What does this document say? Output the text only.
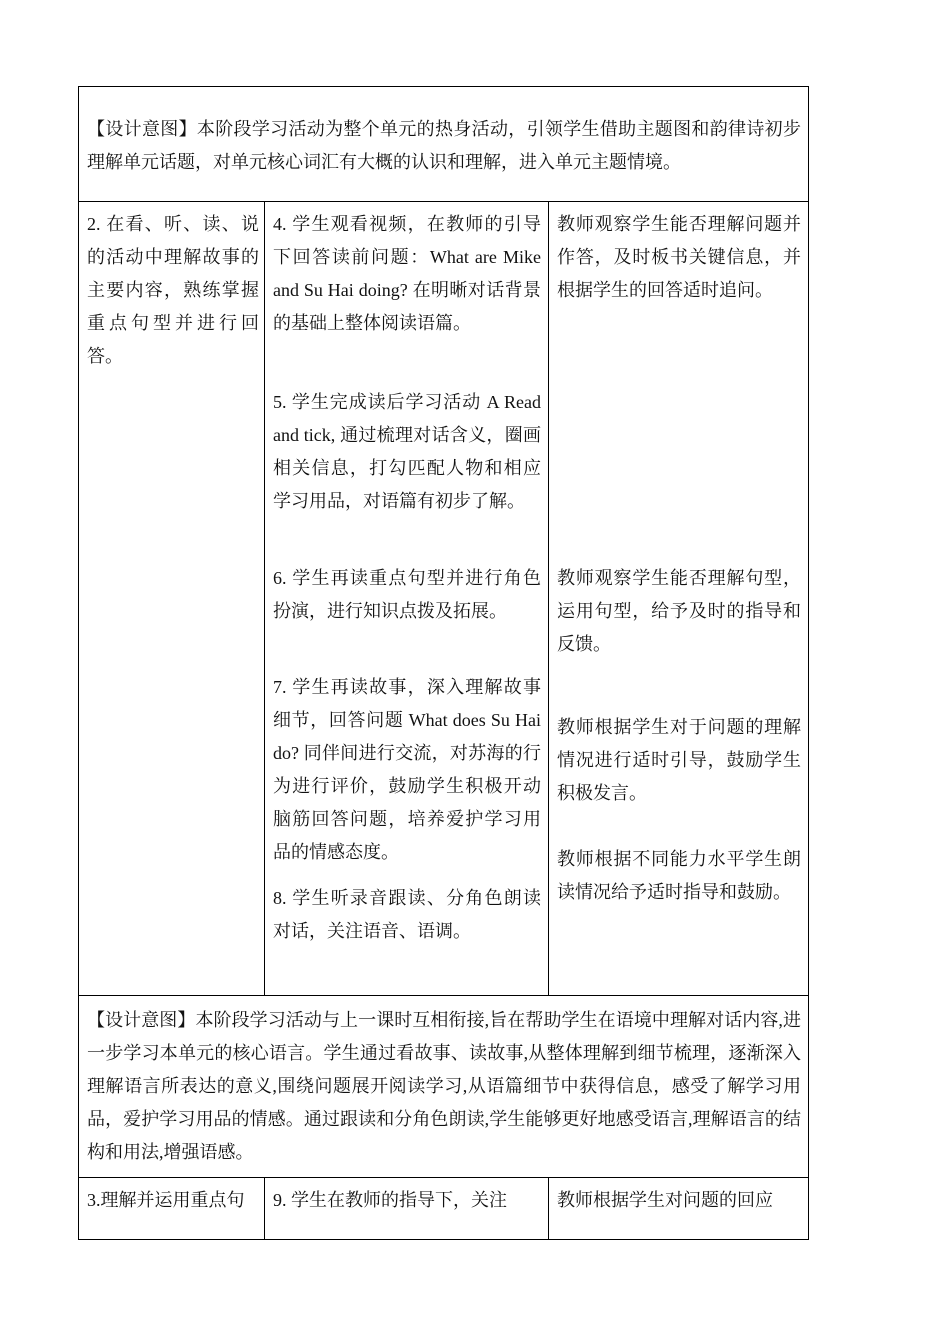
【设计意图】本阶段学习活动为整个单元的热身活动，引领学生借助主题图和韵律诗初步理解单元话题，对单元核心词汇有大概的认识和理解，进入单元主题情境。

2. 在看、听、读、说的活动中理解故事的主要内容，熟练掌握重点句型并进行回答。

4. 学生观看视频，在教师的引导下回答读前问题：What are Mike and Su Hai doing? 在明晰对话背景的基础上整体阅读语篇。

5. 学生完成读后学习活动 A Read and tick, 通过梳理对话含义，圈画相关信息，打勾匹配人物和相应学习用品，对语篇有初步了解。

6. 学生再读重点句型并进行角色扮演，进行知识点拨及拓展。

7. 学生再读故事，深入理解故事细节，回答问题 What does Su Hai do? 同伴间进行交流，对苏海的行为进行评价，鼓励学生积极开动脑筋回答问题，培养爱护学习用品的情感态度。

8. 学生听录音跟读、分角色朗读对话，关注语音、语调。

教师观察学生能否理解问题并作答，及时板书关键信息，并根据学生的回答适时追问。

教师观察学生能否理解句型，运用句型，给予及时的指导和反馈。

教师根据学生对于问题的理解情况进行适时引导，鼓励学生积极发言。

教师根据不同能力水平学生朗读情况给予适时指导和鼓励。

【设计意图】本阶段学习活动与上一课时互相衔接,旨在帮助学生在语境中理解对话内容,进一步学习本单元的核心语言。学生通过看故事、读故事,从整体理解到细节梳理，逐渐深入理解语言所表达的意义,围绕问题展开阅读学习,从语篇细节中获得信息，感受了解学习用品，爱护学习用品的情感。通过跟读和分角色朗读,学生能够更好地感受语言,理解语言的结构和用法,增强语感。

3.理解并运用重点句	9. 学生在教师的指导下，关注	教师根据学生对问题的回应
